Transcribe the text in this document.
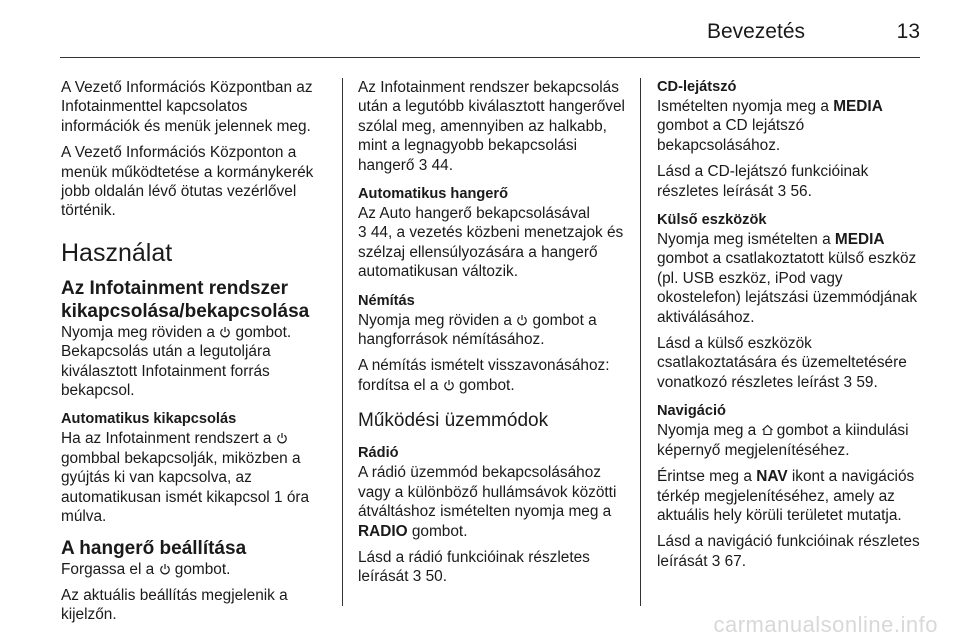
Bevezetés	13

A Vezető Információs Központban az Infotainmenttel kapcsolatos információk és menük jelennek meg.

A Vezető Információs Központon a menük működtetése a kormánykerék jobb oldalán lévő ötutas vezérlővel történik.

Használat
Az Infotainment rendszer kikapcsolása/bekapcsolása

Nyomja meg röviden a
gombot. Bekapcsolás után a legutoljára kiválasztott Infotainment forrás bekapcsol.

Automatikus kikapcsolás

Ha az Infotainment rendszert a
gombbal bekapcsolják, miközben a gyújtás ki van kapcsolva, az automatikusan ismét kikapcsol 1 óra múlva.

A hangerő beállítása

Forgassa el a
gombot.

Az aktuális beállítás megjelenik a kijelzőn.

Az Infotainment rendszer bekapcsolás után a legutóbb kiválasztott hangerővel szólal meg, amennyiben az halkabb, mint a legnagyobb bekapcsolási hangerő 3 44.

Automatikus hangerő

Az Auto hangerő bekapcsolásával
3 44, a vezetés közbeni menetzajok és szélzaj ellensúlyozására a hangerő automatikusan változik.

Némítás

Nyomja meg röviden a
gombot a hangforrások némításához.

A némítás ismételt visszavonásához: fordítsa el a
gombot.

Működési üzemmódok
Rádió

A rádió üzemmód bekapcsolásához vagy a különböző hullámsávok közötti átváltáshoz ismételten nyomja meg a RADIO gombot.

Lásd a rádió funkcióinak részletes leírását 3 50.

CD-lejátszó

Ismételten nyomja meg a MEDIA gombot a CD lejátszó bekapcsolásához.

Lásd a CD-lejátszó funkcióinak részletes leírását 3 56.

Külső eszközök

Nyomja meg ismételten a MEDIA gombot a csatlakoztatott külső eszköz (pl. USB eszköz, iPod vagy okostelefon) lejátszási üzemmódjának aktiválásához.

Lásd a külső eszközök csatlakoztatására és üzemeltetésére vonatkozó részletes leírást 3 59.

Navigáció

Nyomja meg a
gombot a kiindulási képernyő megjelenítéséhez.

Érintse meg a NAV ikont a navigációs térkép megjelenítéséhez, amely az aktuális hely körüli területet mutatja.

Lásd a navigáció funkcióinak részletes leírását 3 67.

carmanualsonline.info
